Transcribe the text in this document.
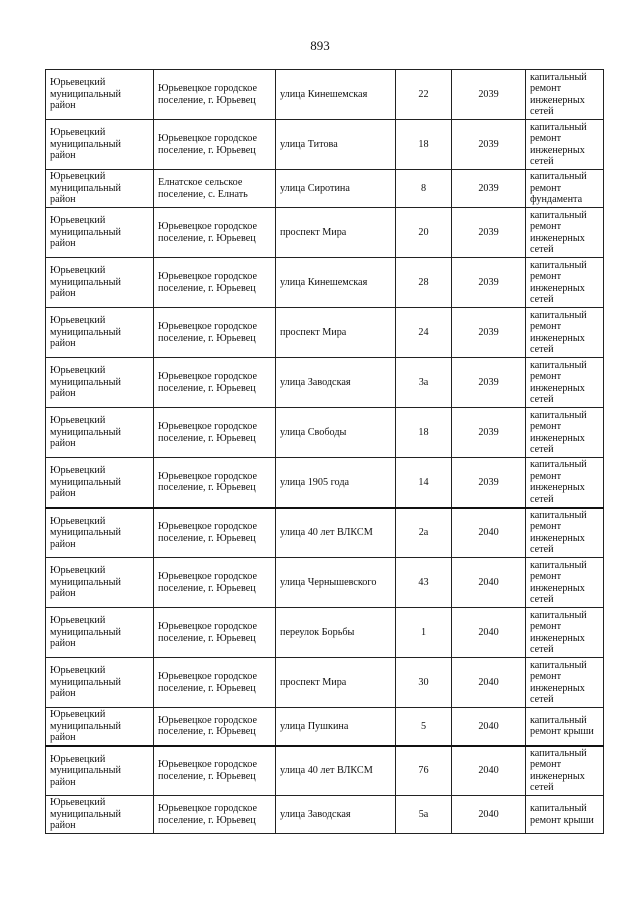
893
Юрьевецкий муниципальный район	Юрьевецкое городское поселение, г. Юрьевец	улица Кинешемская	22	2039	капитальный ремонт инженерных сетей
Юрьевецкий муниципальный район	Юрьевецкое городское поселение, г. Юрьевец	улица Титова	18	2039	капитальный ремонт инженерных сетей
Юрьевецкий муниципальный район	Елнатское сельское поселение, с. Елнать	улица Сиротина	8	2039	капитальный ремонт фундамента
Юрьевецкий муниципальный район	Юрьевецкое городское поселение, г. Юрьевец	проспект Мира	20	2039	капитальный ремонт инженерных сетей
Юрьевецкий муниципальный район	Юрьевецкое городское поселение, г. Юрьевец	улица Кинешемская	28	2039	капитальный ремонт инженерных сетей
Юрьевецкий муниципальный район	Юрьевецкое городское поселение, г. Юрьевец	проспект Мира	24	2039	капитальный ремонт инженерных сетей
Юрьевецкий муниципальный район	Юрьевецкое городское поселение, г. Юрьевец	улица Заводская	3а	2039	капитальный ремонт инженерных сетей
Юрьевецкий муниципальный район	Юрьевецкое городское поселение, г. Юрьевец	улица Свободы	18	2039	капитальный ремонт инженерных сетей
Юрьевецкий муниципальный район	Юрьевецкое городское поселение, г. Юрьевец	улица 1905 года	14	2039	капитальный ремонт инженерных сетей
Юрьевецкий муниципальный район	Юрьевецкое городское поселение, г. Юрьевец	улица 40 лет ВЛКСМ	2а	2040	капитальный ремонт инженерных сетей
Юрьевецкий муниципальный район	Юрьевецкое городское поселение, г. Юрьевец	улица Чернышевского	43	2040	капитальный ремонт инженерных сетей
Юрьевецкий муниципальный район	Юрьевецкое городское поселение, г. Юрьевец	переулок Борьбы	1	2040	капитальный ремонт инженерных сетей
Юрьевецкий муниципальный район	Юрьевецкое городское поселение, г. Юрьевец	проспект Мира	30	2040	капитальный ремонт инженерных сетей
Юрьевецкий муниципальный район	Юрьевецкое городское поселение, г. Юрьевец	улица Пушкина	5	2040	капитальный ремонт крыши
Юрьевецкий муниципальный район	Юрьевецкое городское поселение, г. Юрьевец	улица 40 лет ВЛКСМ	76	2040	капитальный ремонт инженерных сетей
Юрьевецкий муниципальный район	Юрьевецкое городское поселение, г. Юрьевец	улица Заводская	5а	2040	капитальный ремонт крыши
